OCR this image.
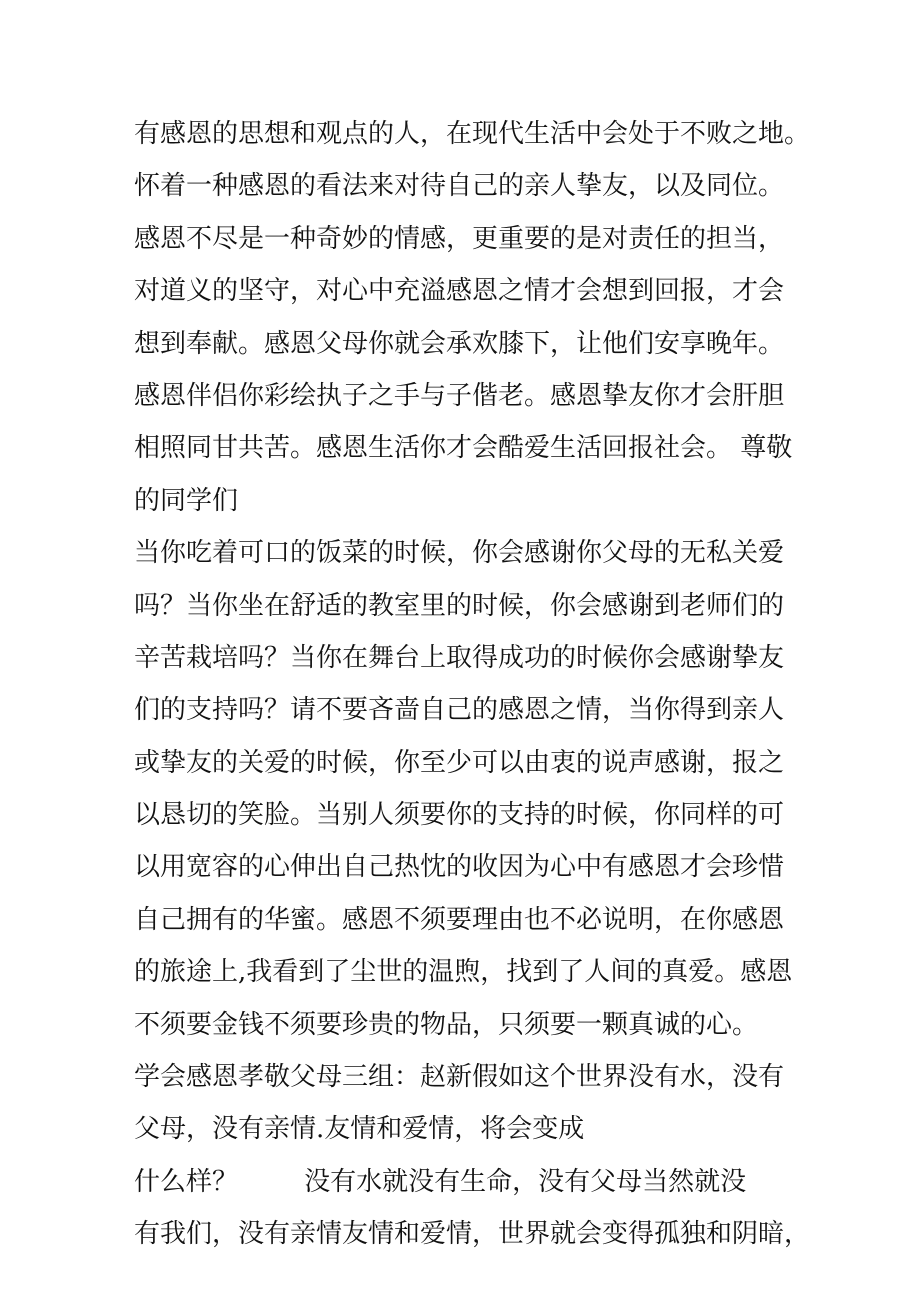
有感恩的思想和观点的人，在现代生活中会处于不败之地。
怀着一种感恩的看法来对待自己的亲人挚友，以及同位。
感恩不尽是一种奇妙的情感，更重要的是对责任的担当，
对道义的坚守，对心中充溢感恩之情才会想到回报，才会
想到奉献。感恩父母你就会承欢膝下，让他们安享晚年。
感恩伴侣你彩绘执子之手与子偕老。感恩挚友你才会肝胆
相照同甘共苦。感恩生活你才会酷爱生活回报社会。 尊敬
的同学们
当你吃着可口的饭菜的时候，你会感谢你父母的无私关爱
吗？当你坐在舒适的教室里的时候，你会感谢到老师们的
辛苦栽培吗？当你在舞台上取得成功的时候你会感谢挚友
们的支持吗？请不要吝啬自己的感恩之情，当你得到亲人
或挚友的关爱的时候，你至少可以由衷的说声感谢，报之
以恳切的笑脸。当别人须要你的支持的时候，你同样的可
以用宽容的心伸出自己热忱的收因为心中有感恩才会珍惜
自己拥有的华蜜。感恩不须要理由也不必说明，在你感恩
的旅途上,我看到了尘世的温煦，找到了人间的真爱。感恩
不须要金钱不须要珍贵的物品，只须要一颗真诚的心。
学会感恩孝敬父母三组：赵新假如这个世界没有水，没有
父母，没有亲情.友情和爱情，将会变成
什么样？        没有水就没有生命，没有父母当然就没
有我们，没有亲情友情和爱情，世界就会变得孤独和阴暗，
